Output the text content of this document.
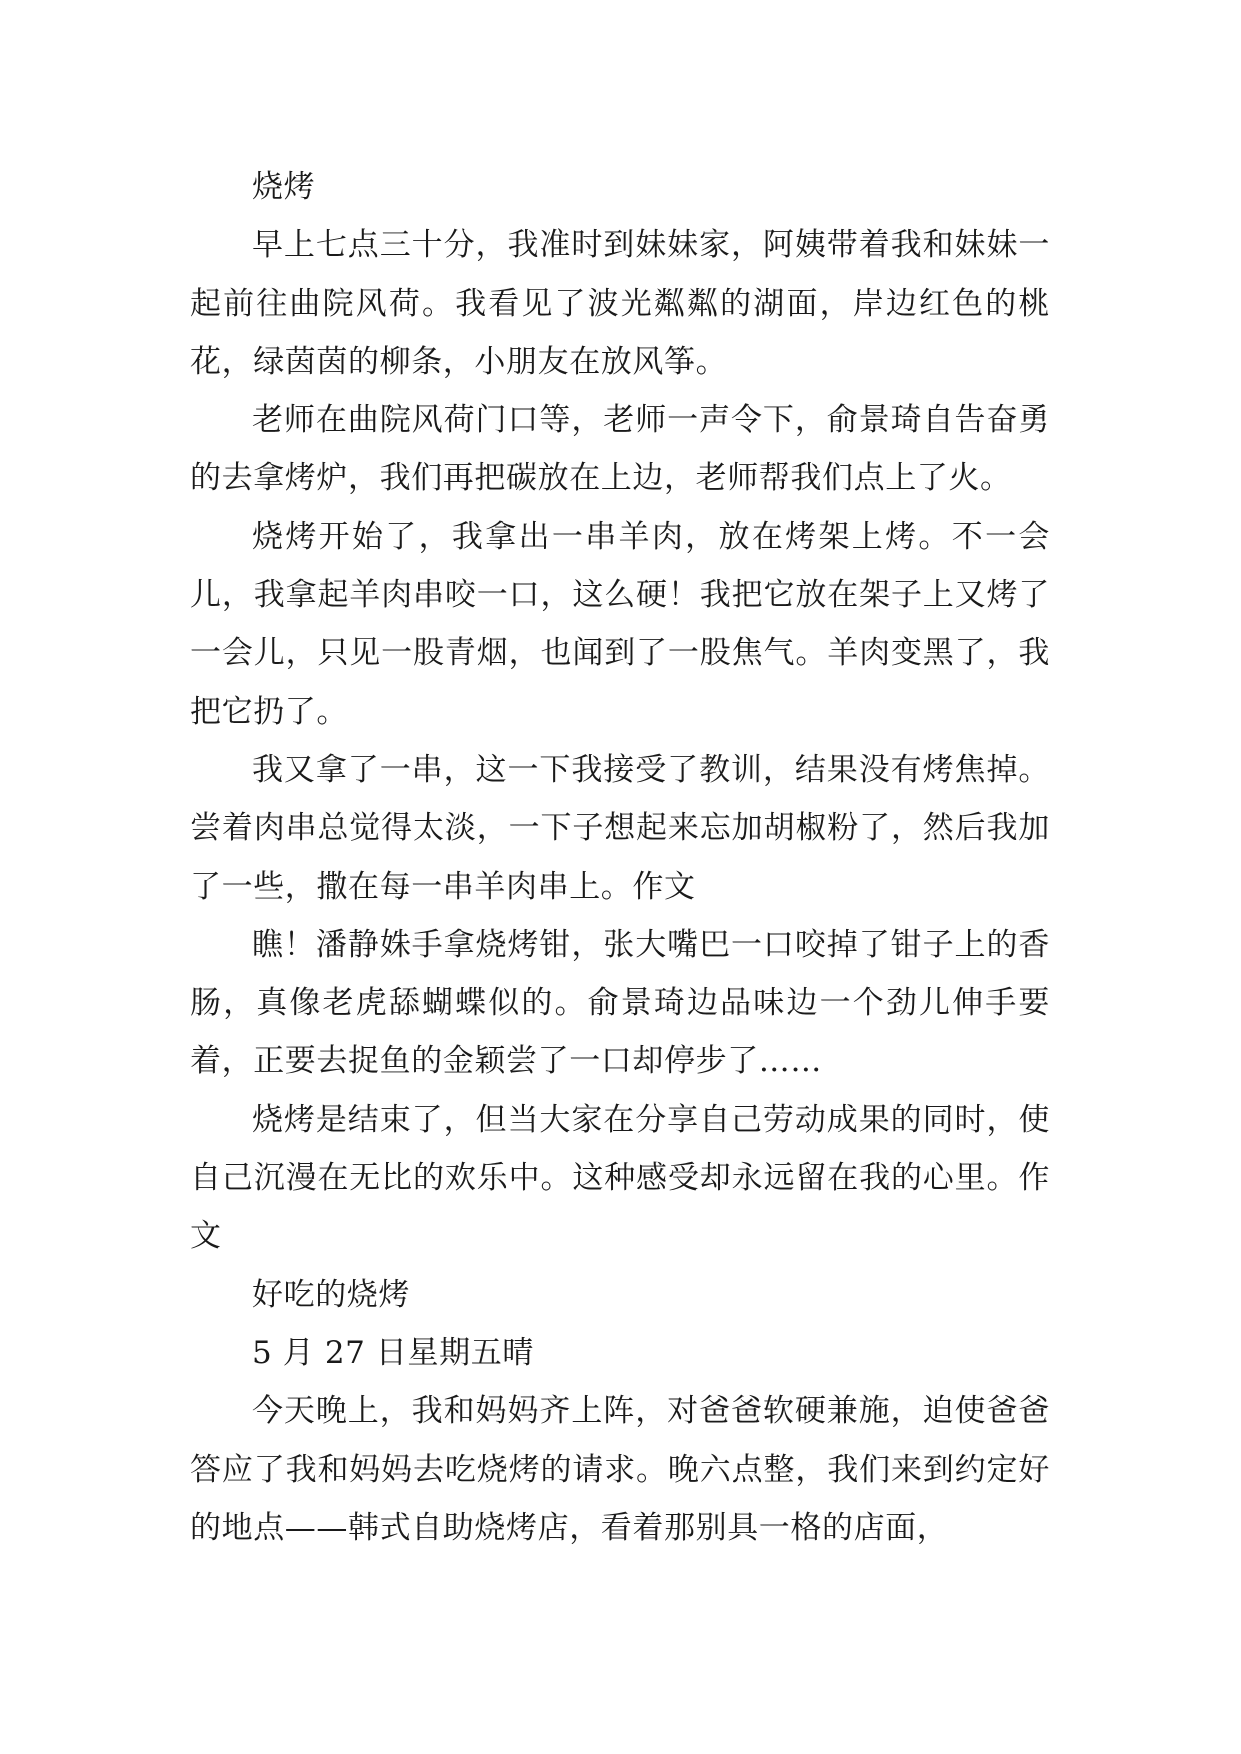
烧烤

早上七点三十分，我准时到妹妹家，阿姨带着我和妹妹一起前往曲院风荷。我看见了波光粼粼的湖面，岸边红色的桃花，绿茵茵的柳条，小朋友在放风筝。

老师在曲院风荷门口等，老师一声令下，俞景琦自告奋勇的去拿烤炉，我们再把碳放在上边，老师帮我们点上了火。

烧烤开始了，我拿出一串羊肉，放在烤架上烤。不一会儿，我拿起羊肉串咬一口，这么硬！我把它放在架子上又烤了一会儿，只见一股青烟，也闻到了一股焦气。羊肉变黑了，我把它扔了。

我又拿了一串，这一下我接受了教训，结果没有烤焦掉。尝着肉串总觉得太淡，一下子想起来忘加胡椒粉了，然后我加了一些，撒在每一串羊肉串上。作文

瞧！潘静姝手拿烧烤钳，张大嘴巴一口咬掉了钳子上的香肠，真像老虎舔蝴蝶似的。俞景琦边品味边一个劲儿伸手要着，正要去捉鱼的金颖尝了一口却停步了……

烧烤是结束了，但当大家在分享自己劳动成果的同时，使自己沉漫在无比的欢乐中。这种感受却永远留在我的心里。作文

好吃的烧烤

5 月 27 日星期五晴

今天晚上，我和妈妈齐上阵，对爸爸软硬兼施，迫使爸爸答应了我和妈妈去吃烧烤的请求。晚六点整，我们来到约定好的地点——韩式自助烧烤店，看着那别具一格的店面，
